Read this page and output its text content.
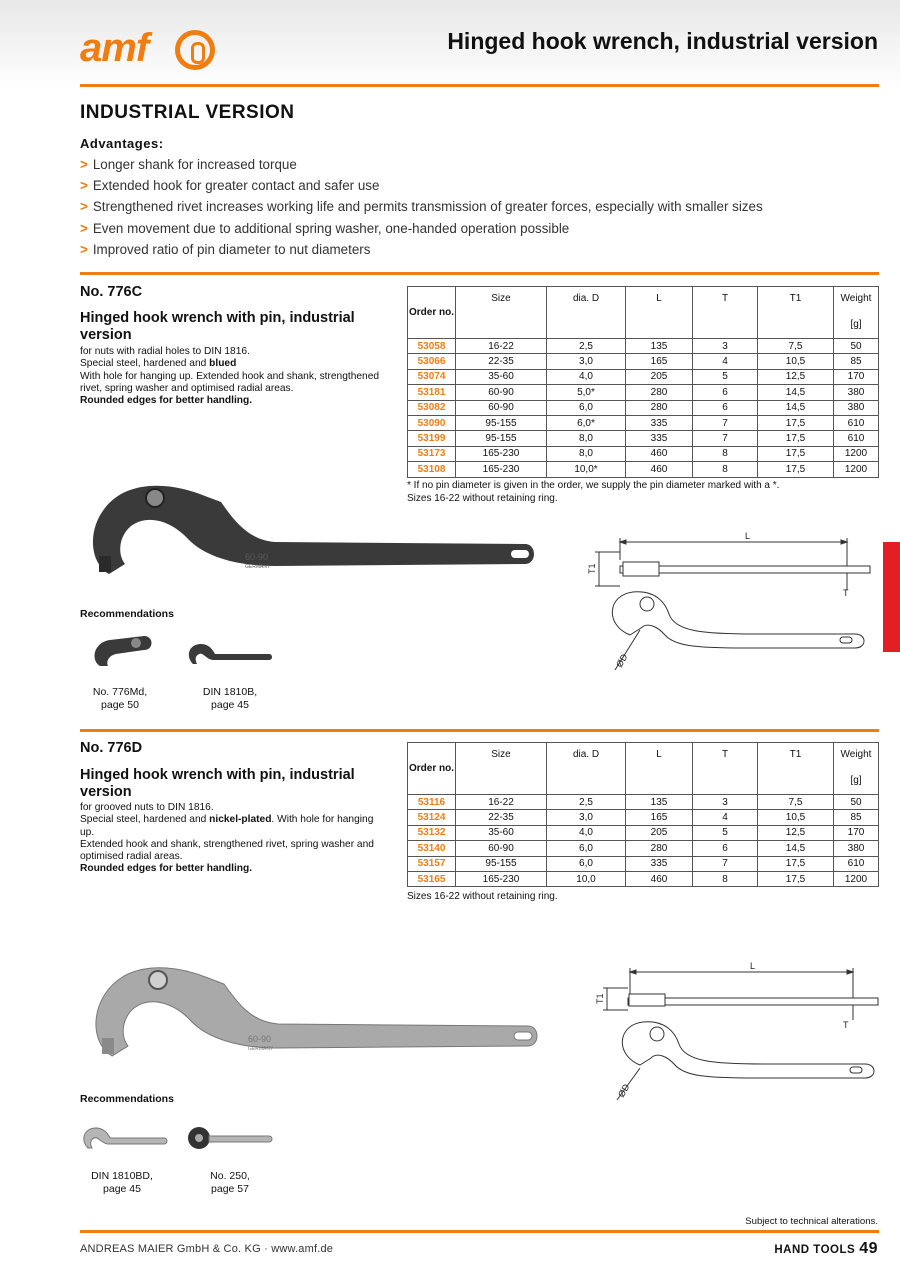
amf	Hinged hook wrench, industrial version
INDUSTRIAL VERSION
Advantages:
> Longer shank for increased torque
> Extended hook for greater contact and safer use
> Strengthened rivet increases working life and permits transmission of greater forces, especially with smaller sizes
> Even movement due to additional spring washer, one-handed operation possible
> Improved ratio of pin diameter to nut diameters
No. 776C
Hinged hook wrench with pin, industrial version

for nuts with radial holes to DIN 1816.

Special steel, hardened and blued

With hole for hanging up. Extended hook and shank, strengthened rivet, spring washer and optimised radial areas.

Rounded edges for better handling.

Order no.	Size	dia. D	L	T	T1	Weight

[g]
53058	16-22	2,5	135	3	7,5	50
53066	22-35	3,0	165	4	10,5	85
53074	35-60	4,0	205	5	12,5	170
53181	60-90	5,0*	280	6	14,5	380
53082	60-90	6,0	280	6	14,5	380
53090	95-155	6,0*	335	7	17,5	610
53199	95-155	8,0	335	7	17,5	610
53173	165-230	8,0	460	8	17,5	1200
53108	165-230	10,0*	460	8	17,5	1200
* If no pin diameter is given in the order, we supply the pin diameter marked with a *.
Sizes 16-22 without retaining ring.
60-90
GERMANY
L
T
T1
ØD
Recommendations
No. 776Md,
page 50
DIN 1810B,
page 45
No. 776D
Hinged hook wrench with pin, industrial version

for grooved nuts to DIN 1816.

Special steel, hardened and nickel-plated. With hole for hanging up.

Extended hook and shank, strengthened rivet, spring washer and optimised radial areas.

Rounded edges for better handling.

Order no.	Size	dia. D	L	T	T1	Weight

[g]
53116	16-22	2,5	135	3	7,5	50
53124	22-35	3,0	165	4	10,5	85
53132	35-60	4,0	205	5	12,5	170
53140	60-90	6,0	280	6	14,5	380
53157	95-155	6,0	335	7	17,5	610
53165	165-230	10,0	460	8	17,5	1200
Sizes 16-22 without retaining ring.
60-90
GERMANY
L
T
T1
ØD
Recommendations
DIN 1810BD,
page 45
No. 250,
page 57
Subject to technical alterations.
ANDREAS MAIER GmbH & Co. KG · www.amf.de	HAND TOOLS 49
